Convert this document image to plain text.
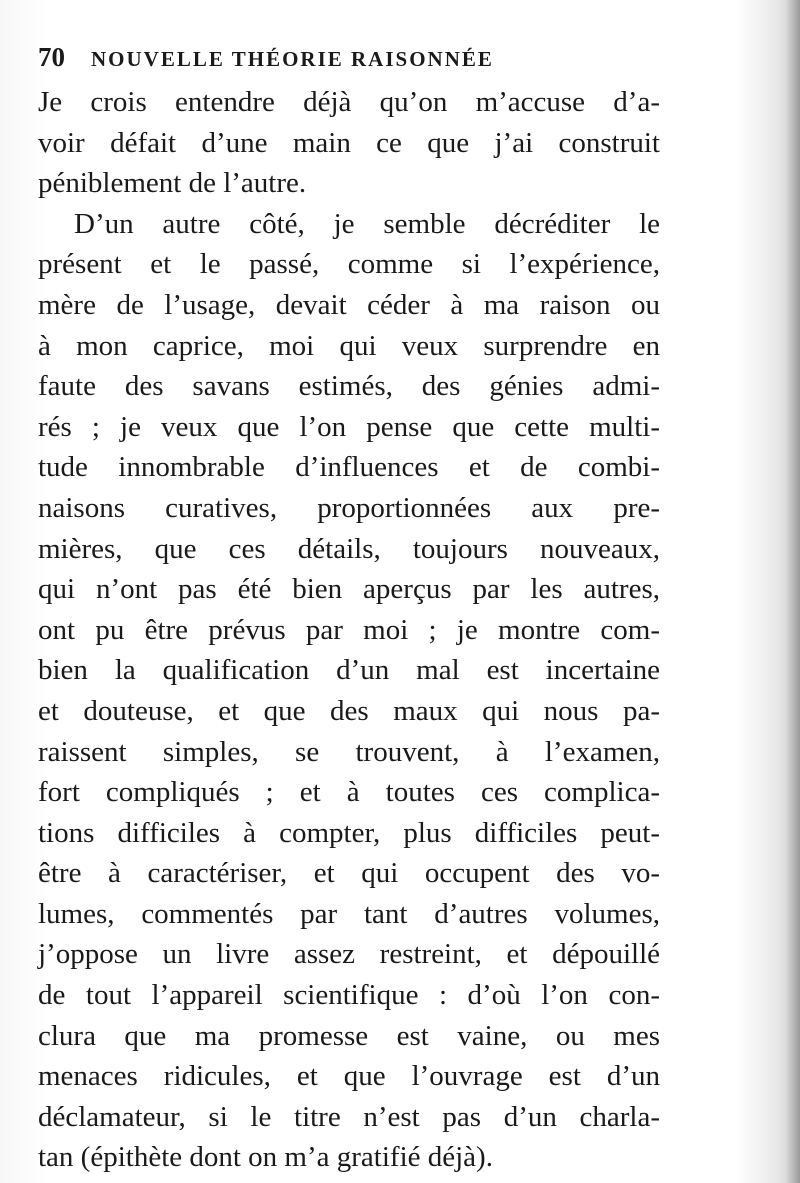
70 NOUVELLE THÉORIE RAISONNÉE
Je crois entendre déjà qu’on m’accuse d’a-
voir défait d’une main ce que j’ai construit
péniblement de l’autre.
D’un autre côté, je semble décréditer le
présent et le passé, comme si l’expérience,
mère de l’usage, devait céder à ma raison ou
à mon caprice, moi qui veux surprendre en
faute des savans estimés, des génies admi-
rés ; je veux que l’on pense que cette multi-
tude innombrable d’influences et de combi-
naisons curatives, proportionnées aux pre-
mières, que ces détails, toujours nouveaux,
qui n’ont pas été bien aperçus par les autres,
ont pu être prévus par moi ; je montre com-
bien la qualification d’un mal est incertaine
et douteuse, et que des maux qui nous pa-
raissent simples, se trouvent, à l’examen,
fort compliqués ; et à toutes ces complica-
tions difficiles à compter, plus difficiles peut-
être à caractériser, et qui occupent des vo-
lumes, commentés par tant d’autres volumes,
j’oppose un livre assez restreint, et dépouillé
de tout l’appareil scientifique : d’où l’on con-
clura que ma promesse est vaine, ou mes
menaces ridicules, et que l’ouvrage est d’un
déclamateur, si le titre n’est pas d’un charla-
tan (épithète dont on m’a gratifié déjà).
